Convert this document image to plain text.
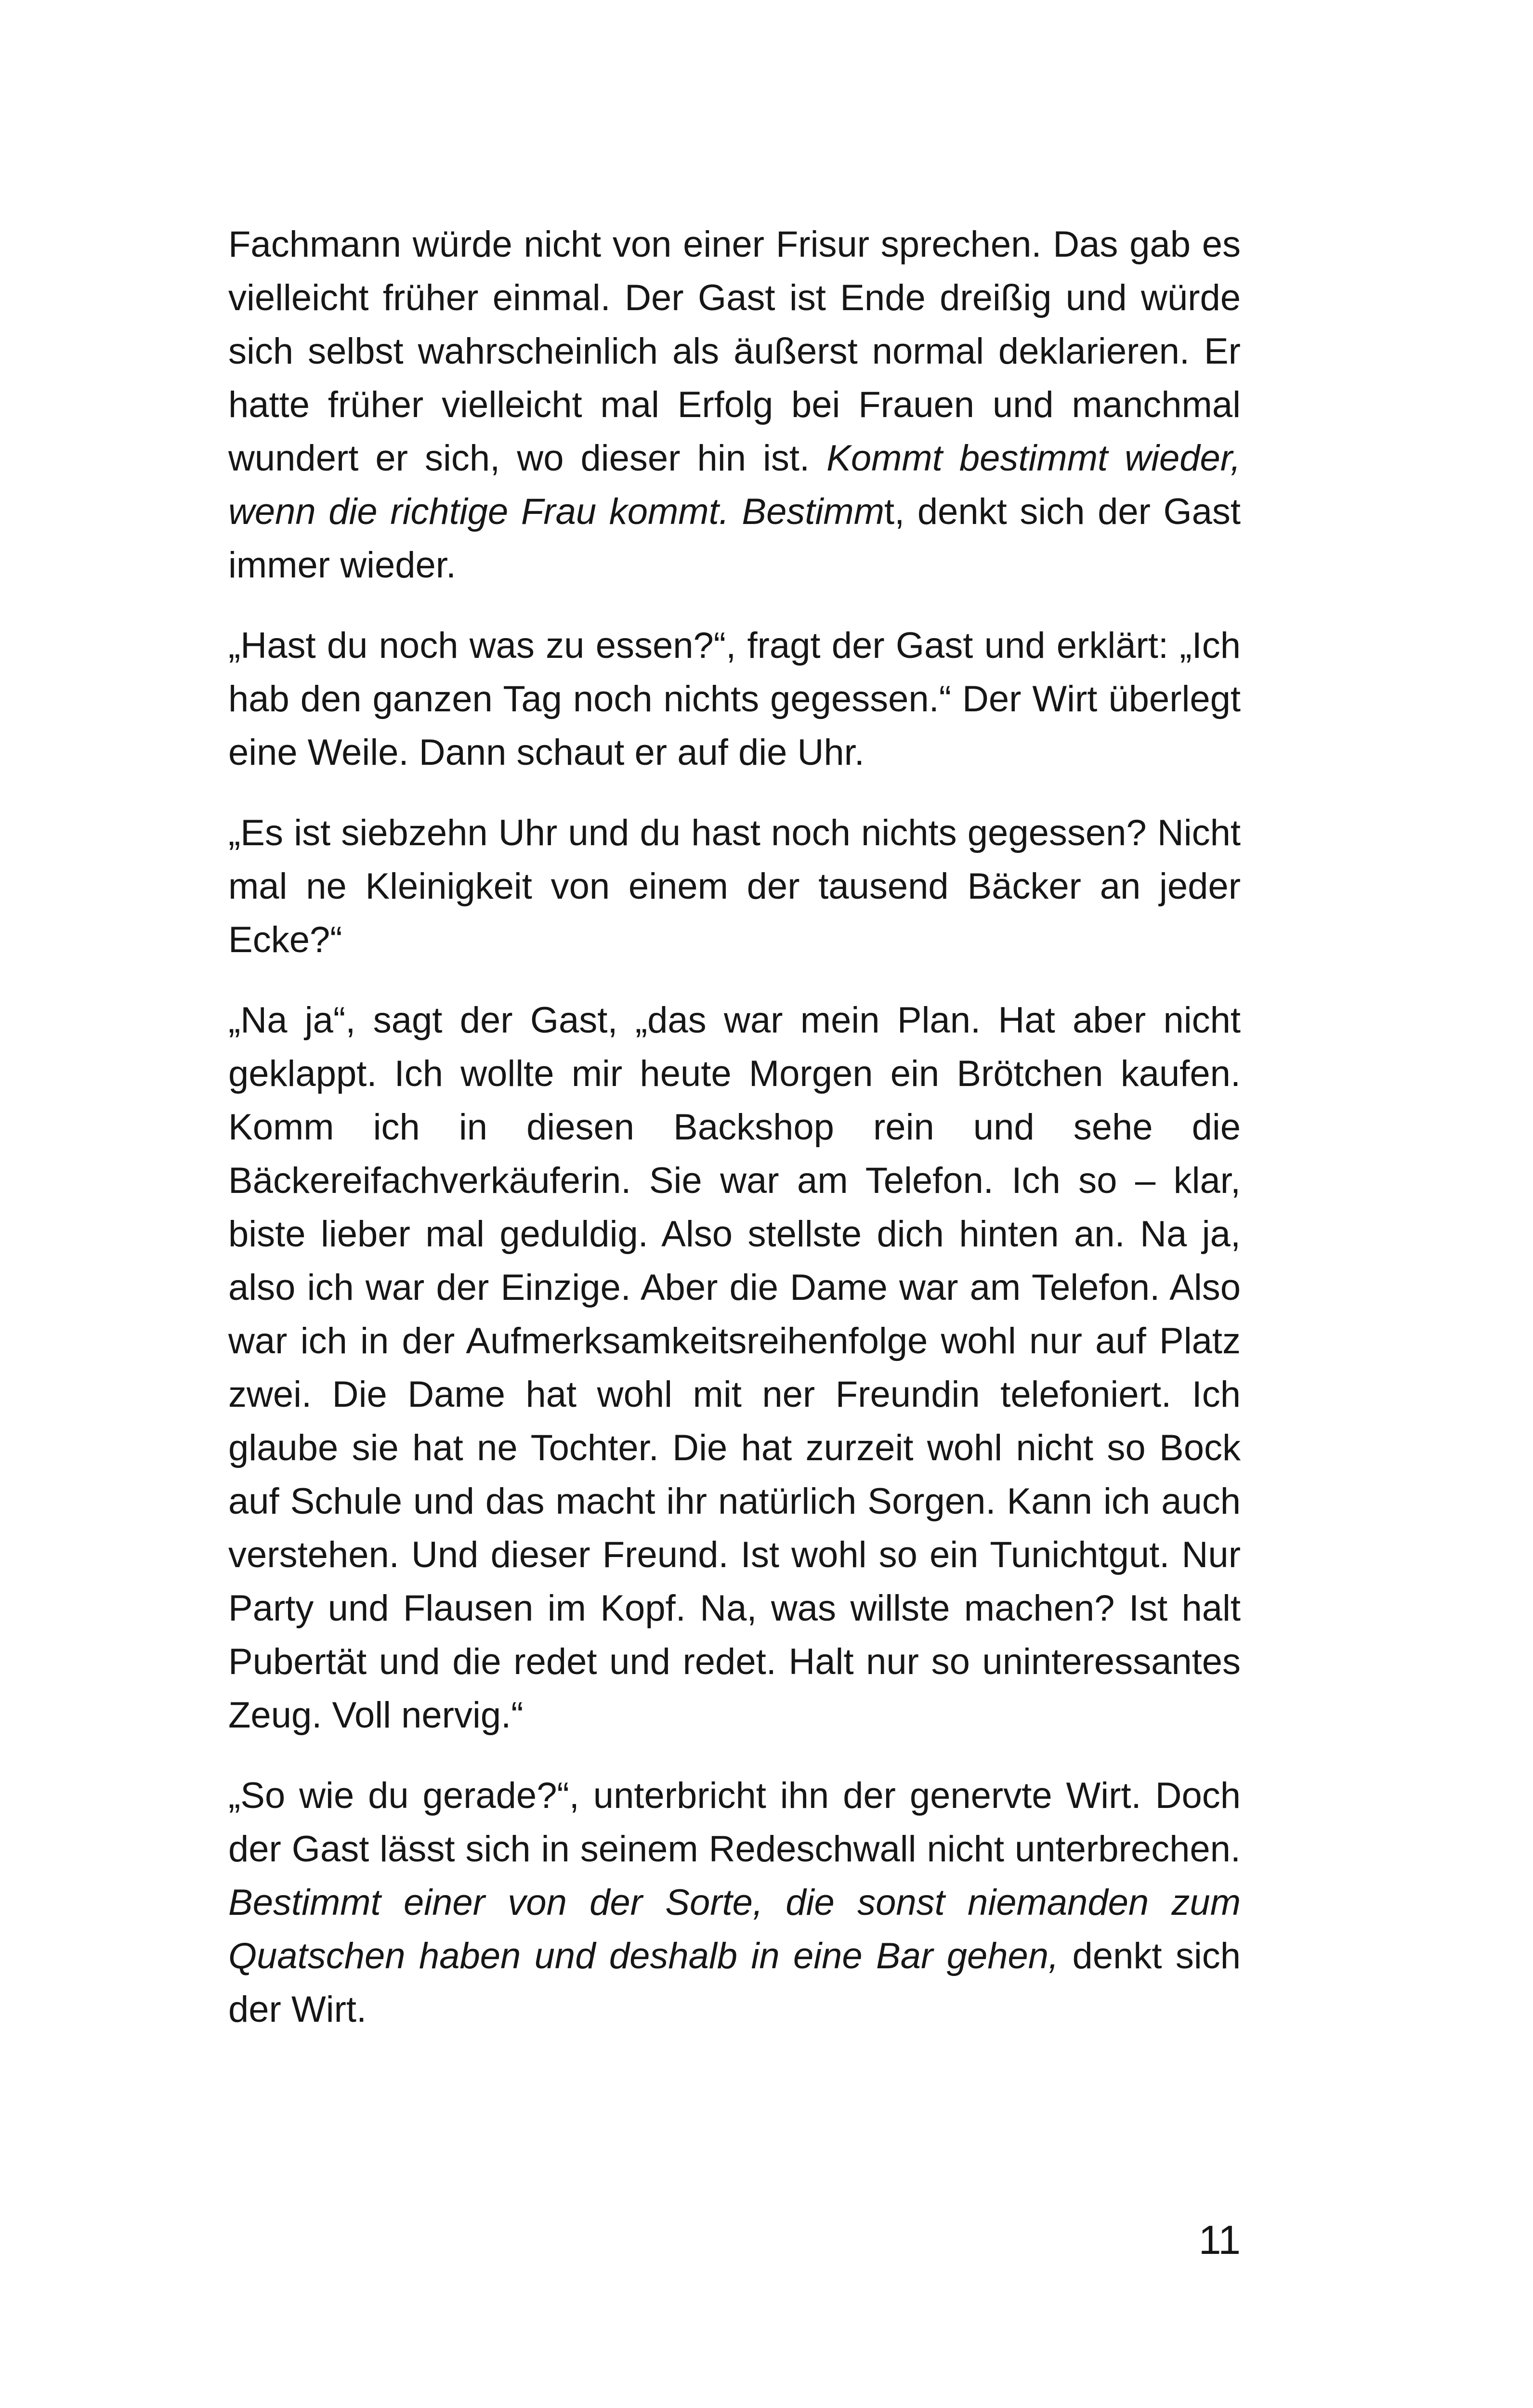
Fachmann würde nicht von einer Frisur sprechen. Das gab es vielleicht früher einmal. Der Gast ist Ende dreißig und würde sich selbst wahrscheinlich als äußerst normal deklarieren. Er hatte früher vielleicht mal Erfolg bei Frauen und manchmal wundert er sich, wo dieser hin ist. Kommt bestimmt wieder, wenn die richtige Frau kommt. Bestimmt, denkt sich der Gast immer wieder.

„Hast du noch was zu essen?“, fragt der Gast und erklärt: „Ich hab den ganzen Tag noch nichts gegessen.“ Der Wirt überlegt eine Weile. Dann schaut er auf die Uhr.

„Es ist siebzehn Uhr und du hast noch nichts gegessen? Nicht mal ne Kleinigkeit von einem der tausend Bäcker an jeder Ecke?“

„Na ja“, sagt der Gast, „das war mein Plan. Hat aber nicht geklappt. Ich wollte mir heute Morgen ein Brötchen kaufen. Komm ich in diesen Backshop rein und sehe die Bäckereifachverkäuferin. Sie war am Telefon. Ich so – klar, biste lieber mal geduldig. Also stellste dich hinten an. Na ja, also ich war der Einzige. Aber die Dame war am Telefon. Also war ich in der Aufmerksamkeitsreihenfolge wohl nur auf Platz zwei. Die Dame hat wohl mit ner Freundin telefoniert. Ich glaube sie hat ne Tochter. Die hat zurzeit wohl nicht so Bock auf Schule und das macht ihr natürlich Sorgen. Kann ich auch verstehen. Und dieser Freund. Ist wohl so ein Tunichtgut. Nur Party und Flausen im Kopf. Na, was willste machen? Ist halt Pubertät und die redet und redet. Halt nur so uninteressantes Zeug. Voll nervig.“

„So wie du gerade?“, unterbricht ihn der genervte Wirt. Doch der Gast lässt sich in seinem Redeschwall nicht unterbrechen. Bestimmt einer von der Sorte, die sonst niemanden zum Quatschen haben und deshalb in eine Bar gehen, denkt sich der Wirt.

11
